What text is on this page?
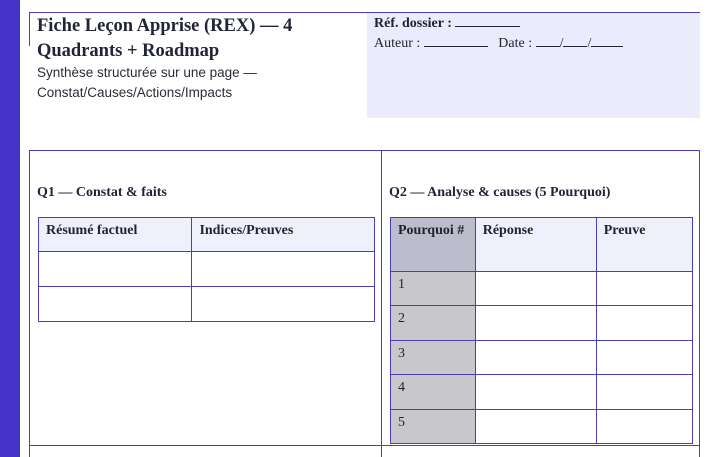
Fiche Leçon Apprise (REX) — 4 Quadrants + Roadmap
Synthèse structurée sur une page — Constat/Causes/Actions/Impacts
Réf. dossier :
Auteur :	Date : / /
Q1 — Constat & faits
Résumé factuel	Indices/Preuves

Q2 — Analyse & causes (5 Pourquoi)
Pourquoi #	Réponse	Preuve
1		
2		
3		
4		
5		
